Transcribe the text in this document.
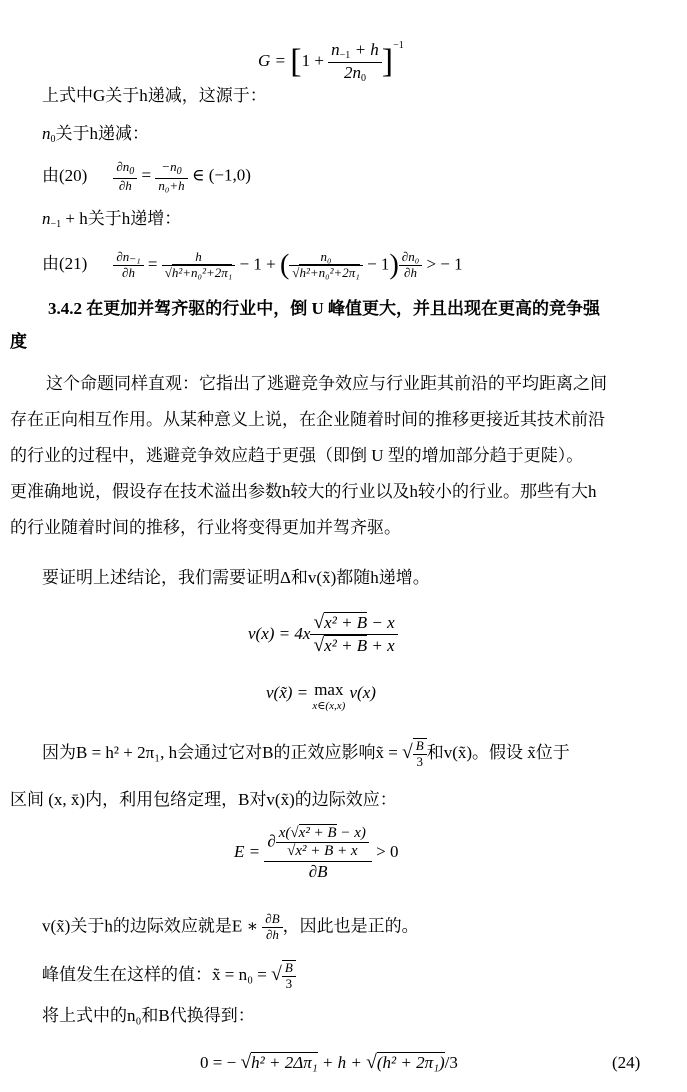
$G = [1 + \frac{n_{-1} + h}{2n_0} ]^{-1}$
上式中G关于h递减，这源于：
$n_0$关于h递减：
由$(20) \frac{\partial n_0}{\partial h} = \frac{-n_0}{\text{n₀+h}}$ ∈ (−1,0)
$n_{-1} + h$关于h递增：
由$(21) \frac{\text{∂n₋₁}}{\partial h} = \frac{h}{\text{√h²+n₀²+2π₁}} - 1$ + ( $\frac{\text{n₀}}{\text{√h²+n₀²+2π₁}} - 1) \frac{\text{∂n₀}}{\partial h}$ > − 1
3.4.2 在更加并驾齐驱的行业中，倒 U 峰值更大，并且出现在更高的竞争强
度
这个命题同样直观：它指出了逃避竞争效应与行业距其前沿的平均距离之间
存在正向相互作用。从某种意义上说，在企业随着时间的推移更接近其技术前沿
的行业的过程中，逃避竞争效应趋于更强（即倒 U 型的增加部分趋于更陡）。
更准确地说，假设存在技术溢出参数h较大的行业以及h较小的行业。那些有大h
的行业随着时间的推移，行业将变得更加并驾齐驱。
要证明上述结论，我们需要证明Δ和v(x̃)都随h递增。
$v(x) = 4x \frac{\text{√x² + B − x}}{\text{√x² + B + x}}$
v(x̃) = max
x∈(x,x)
v(x)
因为B = h² + 2π₁, h会通过它对B的正效应影响x̃ = √ $\frac{B}{3}$ 和v(x̃)。假设 x̃位于
区间 (x, x̄)内，利用包络定理，B对v(x̃)的边际效应：
$E = \frac{\partial \frac{\text{x(√x² + B − x)}}{\text{√x² + B + x}}}{\partial B} > 0$
v(x̃)关于h的边际效应就是E ∗ $\frac{\partial B}{\partial h}$ ，因此也是正的。
峰值发生在这样的值：x̃ = n₀ = √ $\frac{B}{3}$
将上式中的n₀和B代换得到：
0 = − √h² + 2Δπ₁ + h + √(h² + 2π₁)/3	(24)
